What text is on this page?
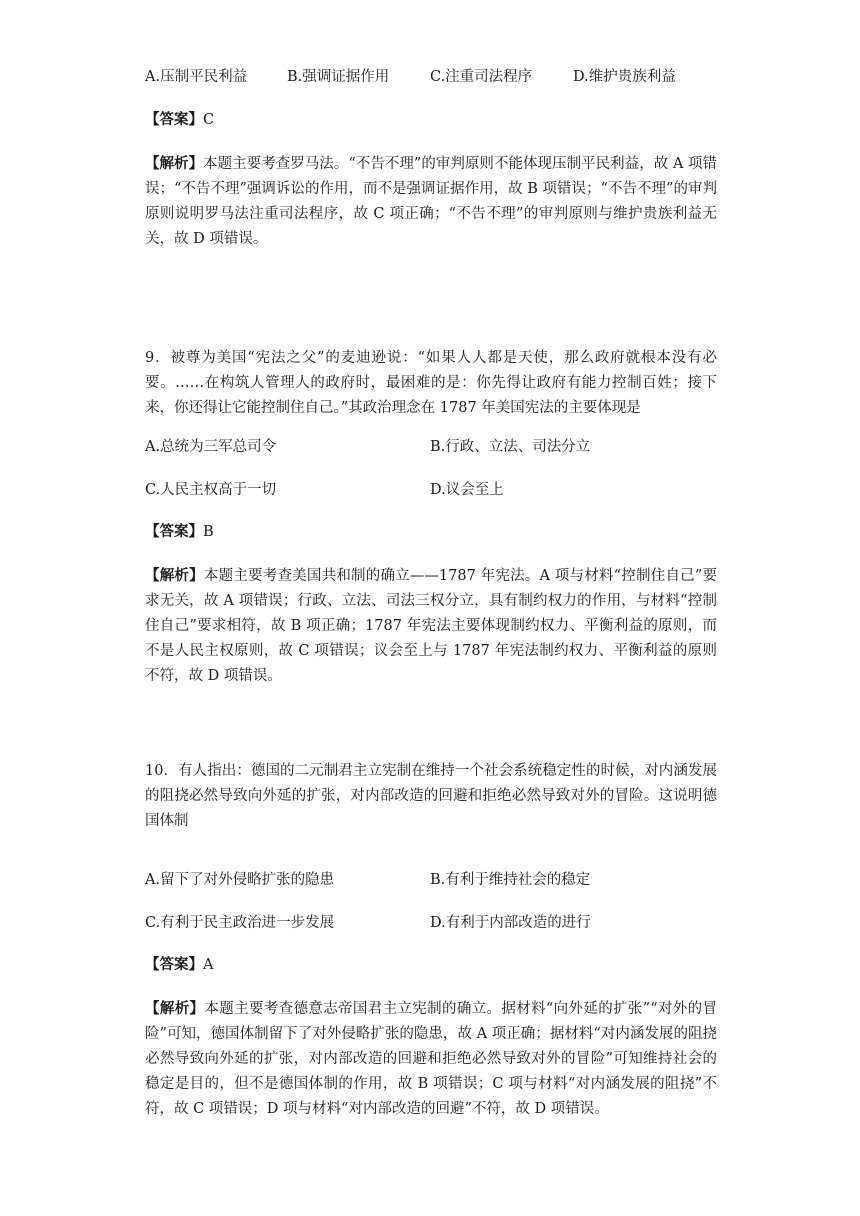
A.压制平民利益	B.强调证据作用	C.注重司法程序	D.维护贵族利益
【答案】C
【解析】本题主要考查罗马法。“不告不理”的审判原则不能体现压制平民利益，故 A 项错误；“不告不理”强调诉讼的作用，而不是强调证据作用，故 B 项错误；“不告不理”的审判原则说明罗马法注重司法程序，故 C 项正确；“不告不理”的审判原则与维护贵族利益无关，故 D 项错误。
9．被尊为美国“宪法之父”的麦迪逊说：“如果人人都是天使，那么政府就根本没有必要。……在构筑人管理人的政府时，最困难的是：你先得让政府有能力控制百姓；接下来，你还得让它能控制住自己。”其政治理念在 1787 年美国宪法的主要体现是
A.总统为三军总司令	B.行政、立法、司法分立
C.人民主权高于一切	D.议会至上
【答案】B
【解析】本题主要考查美国共和制的确立——1787 年宪法。A 项与材料“控制住自己”要求无关，故 A 项错误；行政、立法、司法三权分立，具有制约权力的作用，与材料“控制住自己”要求相符，故 B 项正确；1787 年宪法主要体现制约权力、平衡利益的原则，而不是人民主权原则，故 C 项错误；议会至上与 1787 年宪法制约权力、平衡利益的原则不符，故 D 项错误。
10．有人指出：德国的二元制君主立宪制在维持一个社会系统稳定性的时候，对内涵发展的阻挠必然导致向外延的扩张，对内部改造的回避和拒绝必然导致对外的冒险。这说明德国体制
A.留下了对外侵略扩张的隐患	B.有利于维持社会的稳定
C.有利于民主政治进一步发展	D.有利于内部改造的进行
【答案】A
【解析】本题主要考查德意志帝国君主立宪制的确立。据材料“向外延的扩张”“对外的冒险”可知，德国体制留下了对外侵略扩张的隐患，故 A 项正确；据材料“对内涵发展的阻挠必然导致向外延的扩张，对内部改造的回避和拒绝必然导致对外的冒险”可知维持社会的稳定是目的，但不是德国体制的作用，故 B 项错误；C 项与材料“对内涵发展的阻挠”不符，故 C 项错误；D 项与材料“对内部改造的回避”不符，故 D 项错误。
